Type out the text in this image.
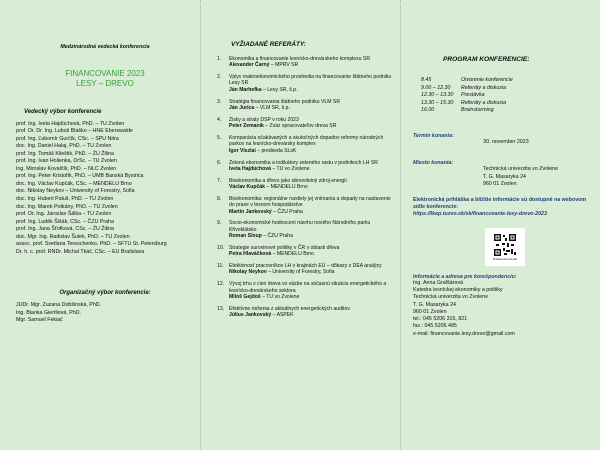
Medzinárodná vedecká konferencia
FINANCOVANIE 2023
LESY – DREVO
Vedecký výbor konferencie
prof. Ing. Iveta Hajdúchová, PhD. – TU Zvolen
prof. Dr. Dr. Ing. Luboš Blaško – HNE Eberswalde
prof. Ing. Ľubomír Gurčík, CSc. – SPU Nitra
doc. Ing. Daniel Halaj, PhD. – TU Zvolen
prof. Ing. Tomáš Klieštik, PhD. – ŽU Žilina
prof. Ing. Ivan Holienka, DrSc. – TU Zvolen
Ing. Miroslav Kovalčík, PhD. – NLC Zvolen
prof. Ing. Peter Kristofík, PhD. – UMB Banská Bystrica
doc. Ing. Václav Kupčák, CSc. – MENDELU Brno
doc. Nikolay Neykov – University of Forestry, Sofia
doc. Ing. Hubert Paluš, PhD. – TU Zvolen
doc. Ing. Marek Potkány, PhD. – TU Zvolen
prof. Dr. Ing. Jaroslav Šálka – TU Zvolen
prof. Ing. Luděk Šišák, CSc. – ČZU Praha
prof. Ing. Jana Šťofková, CSc. – ŽU Žilina
doc. Mgr. Ing. Radislav Šulek, PhD. – TU Zvolen
assoc. prof. Svetlana Tereschenko, PhD. – SFTU St. Petersburg
Dr. h. c. prof. RNDr. Michal Tkáč, CSc. – EU Bratislava
Organizačný výbor konferencie:
JUDr. Mgr. Zuzana Dobšinská, PhD.
Ing. Blanka Giertliová, PhD.
Mgr. Samuel Fekiač
VYŽIADANÉ REFERÁTY:
1. Ekonomika a financovanie lesnícko-drevárskeho komplexu SR
Alexander Čarný – MPRV SR
2. Vplyv makroekonomického prostredia na financovanie štátneho podniku Lesy SR
Ján Marhefka – Lesy SR, š.p.
3. Stratégia financovania štátneho podniku VLM SR
Ján Jurica – VLM SR, š.p.
4. Zisky a straty DSP v roku 2023
Peter Zemaník – Zväz spracovateľov dreva SR
5. Komparácia očakávaných a skutočných dopadov reformy národných parkov na lesnícko-drevársky komplex
Igor Viszlai – predseda SLsK
6. Zelená ekonomika a indikátory zeleného rastu v podnikoch LH SR
Iveta Hajdúchová – TU vo Zvolene
7. Bioekonomika a dřevo jako obnovitelný zdroj energií
Václav Kupčák – MENDELU Brno
8. Bioekonomika: regionálne rozdiely jej vnímania a dopady na nastavenie do praxe v lesnom hospodárstve
Martin Jankovský – ČZU Praha
9. Socio-ekonomické hodnocení návrhu nového Národního parku Křivoklátsko
Roman Sloup – ČZU Praha
10. Strategie surovinové politiky v ČR v oblasti dřeva
Petra Hlaváčková – MENDELU Brno
11. Efektivnosť pracovníkov LH v krajinách EÚ – dôkazy z DEA analýzy
Nikolay Neykov – University of Forestry, Sofia
12. Vývoj trhu s cien dreva vo väzbe na súčasnú situáciu energetického a lesnícko-drevárskeho sektora
Miloš Gejdoš – TU vo Zvolene
13. Efektívne riešenia z aktuálnych energetických auditov
Július Jankovský – ASPEK
PROGRAM KONFERENCIE:
8.45	Otvorenie konferencie
9.00 – 12.30	Referáty a diskusia
12.30 – 13.30	Prestávka
13.30 – 15.30	Referáty a diskusia
16.00	Brainstorming
Termín konania:
30. november 2023
Miesto konania:
Technická univerzita vo Zvolene
T. G. Masaryka 24
960 01 Zvolen
Elektronická prihláška a bližšie informácie sú dostupné na webovom sídle konferencie:
https://lkep.tuzvo.sk/sk/financovanie-lesy-drevo-2023
Prihlasovací formulár
Informácie a adresa pre korešpondenciu:
Ing. Anna Grafšárová
Katedra lesníckej ekonomiky a politiky
Technická univerzita vo Zvolene
T. G. Masaryka 24
960 01 Zvolen
tel.: 045 5206 315, 821
fax.: 045 5206 485
e-mail: financovanie.lesy.drevo@gmail.com
